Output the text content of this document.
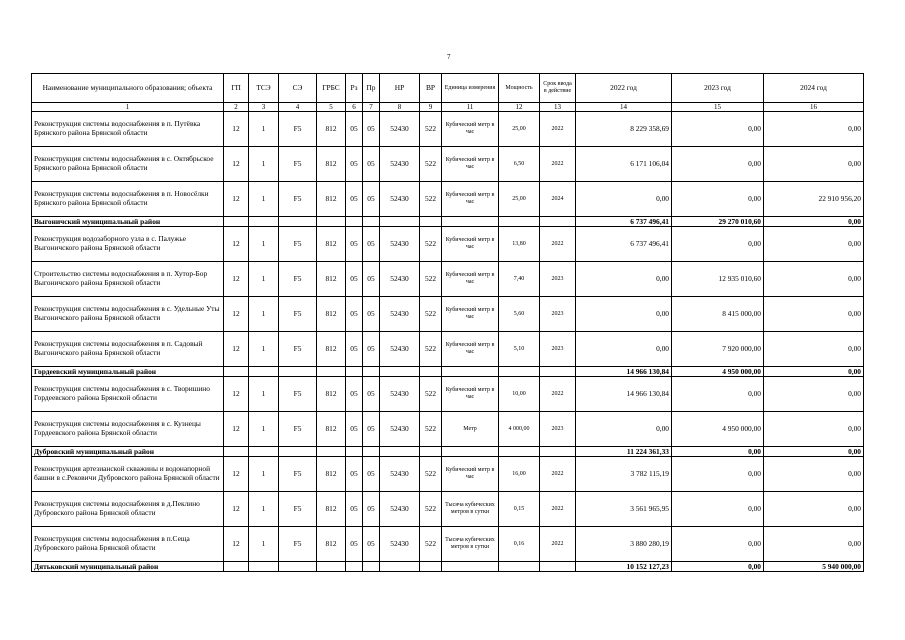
7
Наименование муниципального образования; объекта	ГП	ТСЭ	СЭ	ГРБС	Рз	Пр	НР	ВР	Единица измерения	Мощность	Срок ввода в действие	2022 год	2023 год	2024 год
1	2	3	4	5	6	7	8	9	11	12	13	14	15	16
Реконструкция системы водоснабжения в п. Путёвка Брянского района Брянской области	12	1	F5	812	05	05	52430	522	Кубический метр в час	25,00	2022	8 229 358,69	0,00	0,00
Реконструкция системы водоснабжения в с. Октябрьское Брянского района Брянской области	12	1	F5	812	05	05	52430	522	Кубический метр в час	6,50	2022	6 171 106,04	0,00	0,00
Реконструкция системы водоснабжения в п. Новосёлки Брянского района Брянской области	12	1	F5	812	05	05	52430	522	Кубический метр в час	25,00	2024	0,00	0,00	22 910 956,20
Выгоничский муниципальный район												6 737 496,41	29 270 010,60	0,00
Реконструкция водозаборного узла в с. Палужье Выгоничского района Брянской области	12	1	F5	812	05	05	52430	522	Кубический метр в час	13,80	2022	6 737 496,41	0,00	0,00
Строительство системы водоснабжения в п. Хутор-Бор Выгоничского района Брянской области	12	1	F5	812	05	05	52430	522	Кубический метр в час	7,40	2023	0,00	12 935 010,60	0,00
Реконструкция системы водоснабжения в с. Удельные Уты Выгоничского района Брянской области	12	1	F5	812	05	05	52430	522	Кубический метр в час	5,60	2023	0,00	8 415 000,00	0,00
Реконструкция системы водоснабжения в п. Садовый Выгоничского района Брянской области	12	1	F5	812	05	05	52430	522	Кубический метр в час	5,10	2023	0,00	7 920 000,00	0,00
Гордеевский муниципальный район												14 966 130,84	4 950 000,00	0,00
Реконструкция системы водоснабжения в с. Творишино Гордеевского района Брянской области	12	1	F5	812	05	05	52430	522	Кубический метр в час	10,00	2022	14 966 130,84	0,00	0,00
Реконструкция системы водоснабжения в с. Кузнецы Гордеевского района Брянской области	12	1	F5	812	05	05	52430	522	Метр	4 000,00	2023	0,00	4 950 000,00	0,00
Дубровский муниципальный район												11 224 361,33	0,00	0,00
Реконструкция артезианской скважины и водонапорной башни в с.Рековичи Дубровского района Брянской области	12	1	F5	812	05	05	52430	522	Кубический метр в час	16,00	2022	3 782 115,19	0,00	0,00
Реконструкция системы водоснабжения в д.Пеклино Дубровского района Брянской области	12	1	F5	812	05	05	52430	522	Тысяча кубических метров в сутки	0,15	2022	3 561 965,95	0,00	0,00
Реконструкция системы водоснабжения в п.Сеща Дубровского района Брянской области	12	1	F5	812	05	05	52430	522	Тысяча кубических метров в сутки	0,16	2022	3 880 280,19	0,00	0,00
Дятьковский муниципальный район												10 152 127,23	0,00	5 940 000,00
